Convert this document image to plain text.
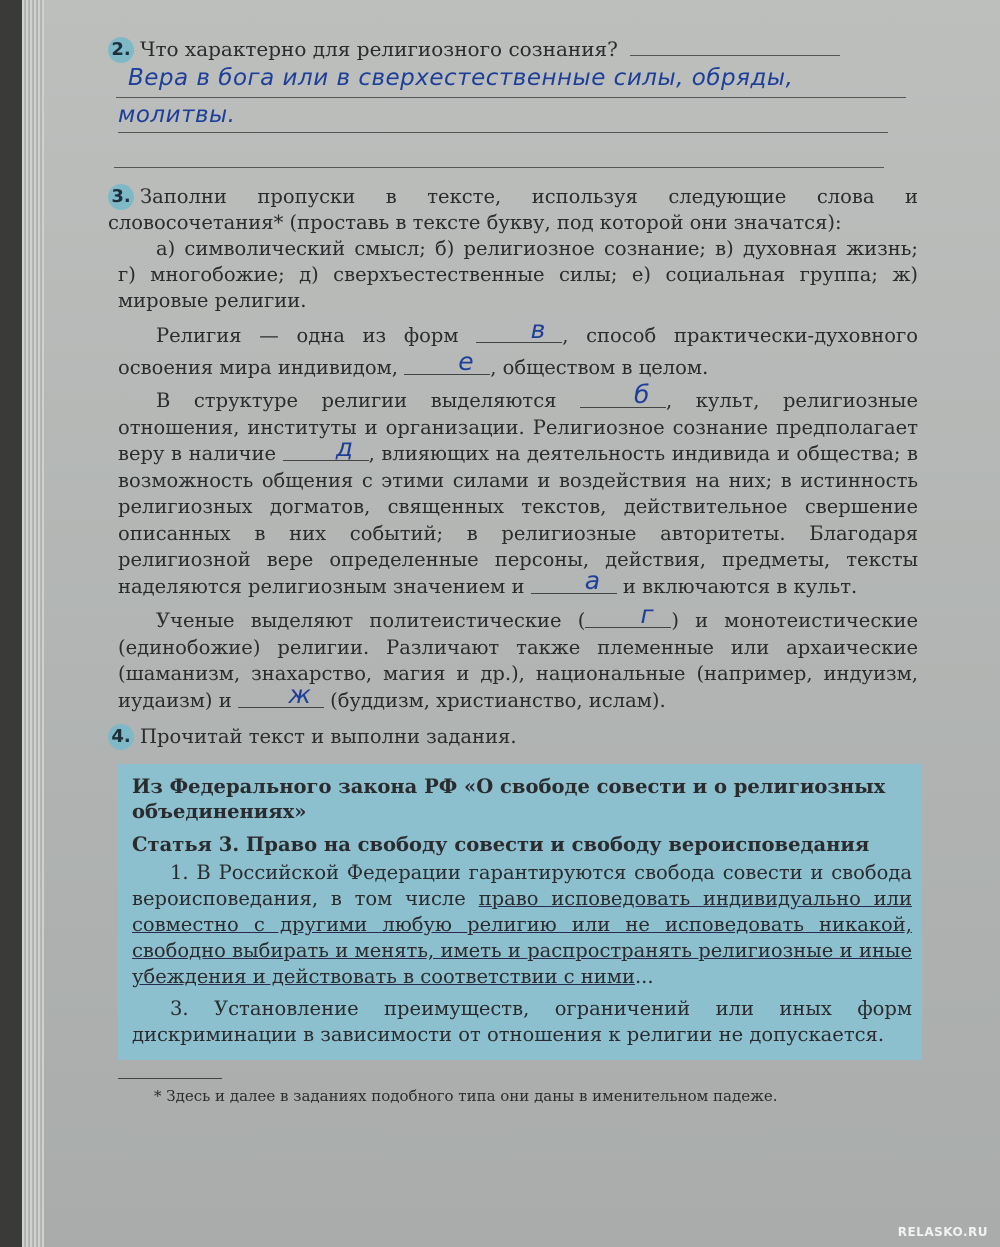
2. Что характерно для религиозного сознания?
Вера в бога или в сверхестественные силы, обряды,
молитвы.

3. Заполни пропуски в тексте, используя следующие слова и словосочетания* (проставь в тексте букву, под которой они значатся):

а) символический смысл; б) религиозное сознание; в) духовная жизнь; г) многобожие; д) сверхъестественные силы; е) социальная группа; ж) мировые религии.

Религия — одна из форм	в , способ практически-духовного освоения мира индивидом, е , обществом в целом.

В структуре религии выделяются	б , культ, религиозные отношения, институты и организации. Религиозное сознание предполагает веру в наличие д , влияющих на деятельность индивида и общества; в возможность общения с этими силами и воздействия на них; в истинность религиозных догматов, священных текстов, действительное свершение описанных в них событий; в религиозные авторитеты. Благодаря религиозной вере определенные персоны, действия, предметы, тексты наделяются религиозным значением и а и включаются в культ.

Ученые выделяют политеистические ( г ) и монотеистические (единобожие) религии. Различают также племенные или архаические (шаманизм, знахарство, магия и др.), национальные (например, индуизм, иудаизм) и ж (буддизм, христианство, ислам).

4. Прочитай текст и выполни задания.

Из Федерального закона РФ «О свободе совести и о религиозных объединениях»

Статья 3. Право на свободу совести и свободу вероисповедания

1. В Российской Федерации гарантируются свобода совести и свобода вероисповедания, в том числе право исповедовать индивидуально или совместно с другими любую религию или не исповедовать никакой, свободно выбирать и менять, иметь и распространять религиозные и иные убеждения и действовать в соответствии с ними...

3. Установление преимуществ, ограничений или иных форм дискриминации в зависимости от отношения к религии не допускается.

* Здесь и далее в заданиях подобного типа они даны в именительном падеже.

RELASKO.RU
